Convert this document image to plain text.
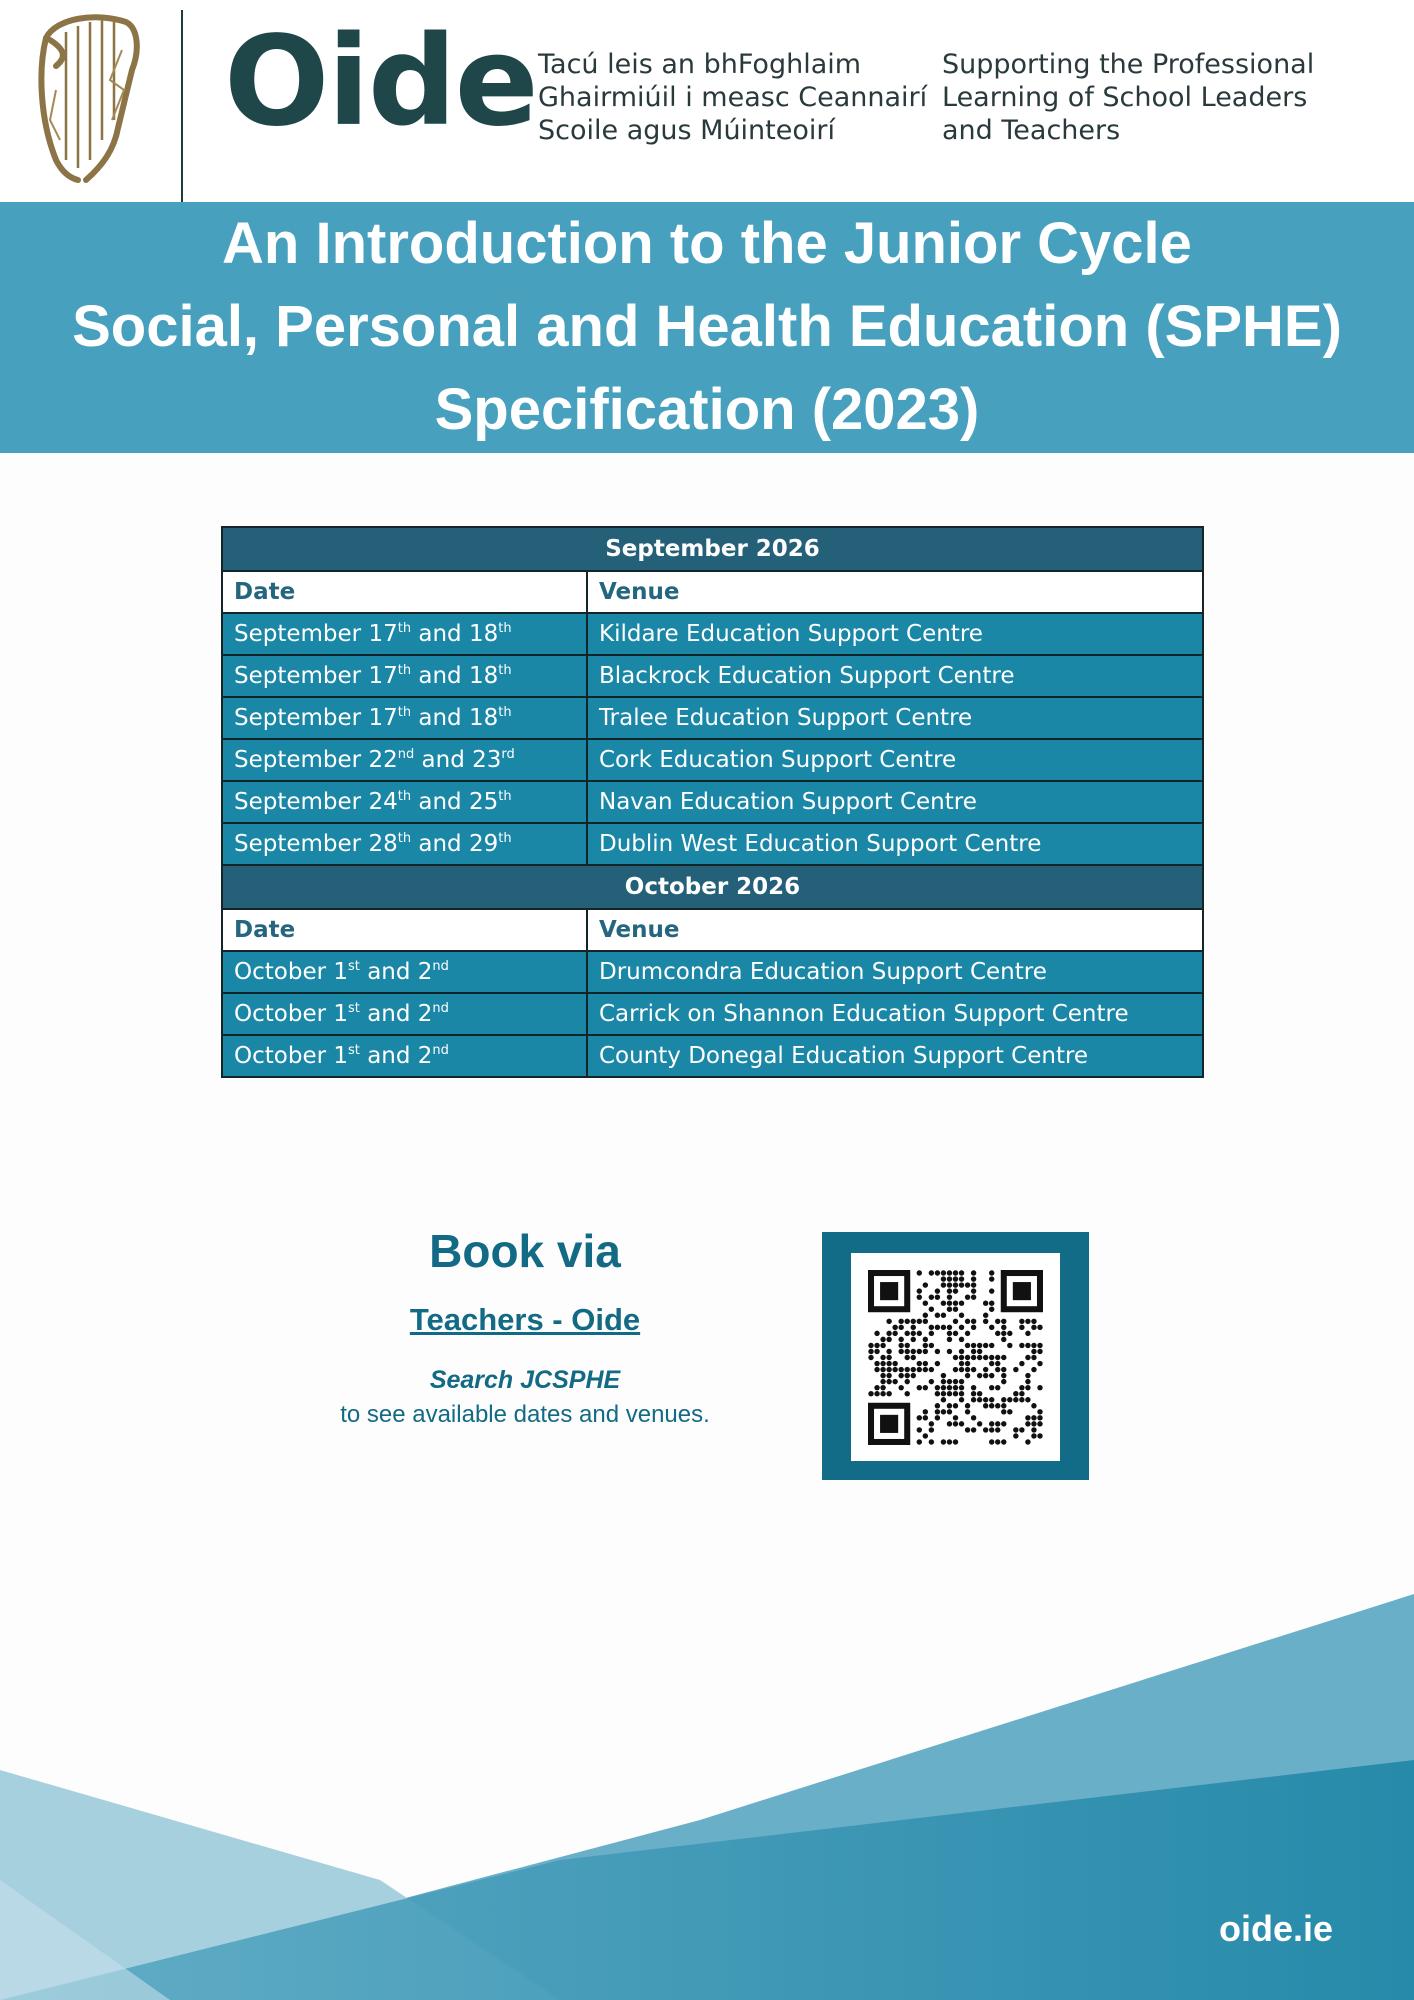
Oide Tacú leis an bhFoghlaim
Ghairmiúil i measc Ceannairí
Scoile agus Múinteoirí
Supporting the Professional
Learning of School Leaders
and Teachers
An Introduction to the Junior Cycle
Social, Personal and Health Education (SPHE)
Specification (2023)
September 2026	
Date	Venue
September 17th and 18th	Kildare Education Support Centre
September 17th and 18th	Blackrock Education Support Centre
September 17th and 18th	Tralee Education Support Centre
September 22nd and 23rd	Cork Education Support Centre
September 24th and 25th	Navan Education Support Centre
September 28th and 29th	Dublin West Education Support Centre
October 2026	
Date	Venue
October 1st and 2nd	Drumcondra Education Support Centre
October 1st and 2nd	Carrick on Shannon Education Support Centre
October 1st and 2nd	County Donegal Education Support Centre
Book via
Teachers - Oide
Search JCSPHE
to see available dates and venues.
oide.ie
